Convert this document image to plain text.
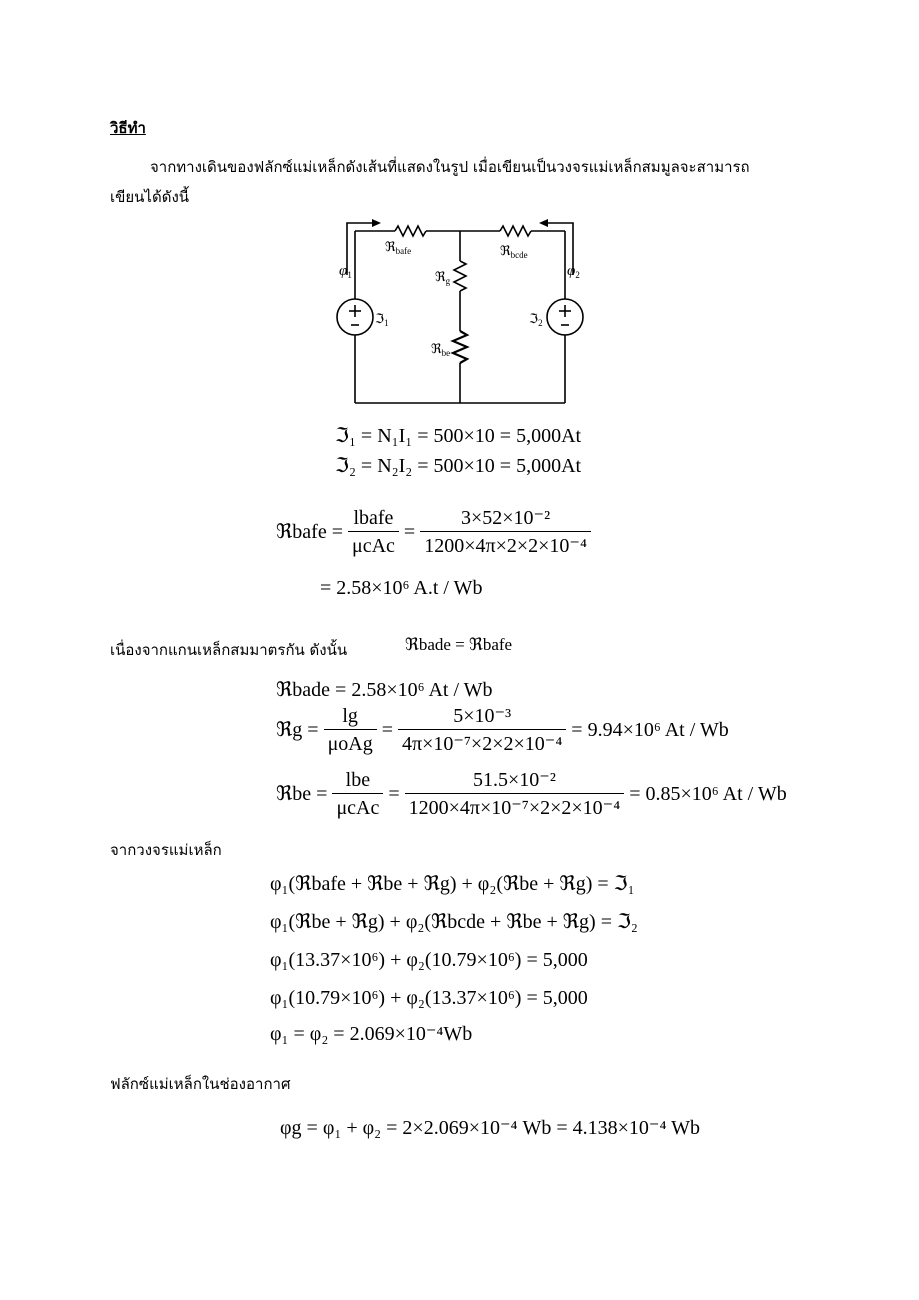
วิธีทำ
จากทางเดินของฟลักซ์แม่เหล็กดังเส้นที่แสดงในรูป เมื่อเขียนเป็นวงจรแม่เหล็กสมมูลจะสามารถ
เขียนได้ดังนี้
ℜ$_{bafe}$	ℜ$_{bcde}$
ℜ$_g$
ℜ$_{be}$
$\varphi_1$	$\varphi_2$
ℑ$_1$	ℑ$_2$
ℑ₁ = N₁I₁ = 500×10 = 5,000At
ℑ₂ = N₂I₂ = 500×10 = 5,000At
ℜbafe = $\frac{\text{lbafe}}{\text{μcAc}} = \frac{\text{3×52×10⁻²}}{\text{1200×4π×2×2×10⁻⁴}}$
= 2.58×10⁶ A.t / Wb
เนื่องจากแกนเหล็กสมมาตรกัน ดังนั้น	ℜbade = ℜbafe
ℜbade = 2.58×10⁶ At / Wb
ℜg = $\frac{\lg}{\text{μoAg}} = \frac{\text{5×10⁻³}}{\text{4π×10⁻⁷×2×2×10⁻⁴}} = 9.94\times 10^6$ At / Wb
ℜbe = $\frac{\text{lbe}}{\text{μcAc}} = \frac{\text{51.5×10⁻²}}{\text{1200×4π×10⁻⁷×2×2×10⁻⁴}} = 0.85\times 10^6$ At / Wb
จากวงจรแม่เหล็ก
φ₁(ℜbafe + ℜbe + ℜg) + φ₂(ℜbe + ℜg) = ℑ₁
φ₁(ℜbe + ℜg) + φ₂(ℜbcde + ℜbe + ℜg) = ℑ₂
φ₁(13.37×10⁶) + φ₂(10.79×10⁶) = 5,000
φ₁(10.79×10⁶) + φ₂(13.37×10⁶) = 5,000
φ₁ = φ₂ = 2.069×10⁻⁴Wb
ฟลักซ์แม่เหล็กในช่องอากาศ
φg = φ₁ + φ₂ = 2×2.069×10⁻⁴ Wb = 4.138×10⁻⁴ Wb
